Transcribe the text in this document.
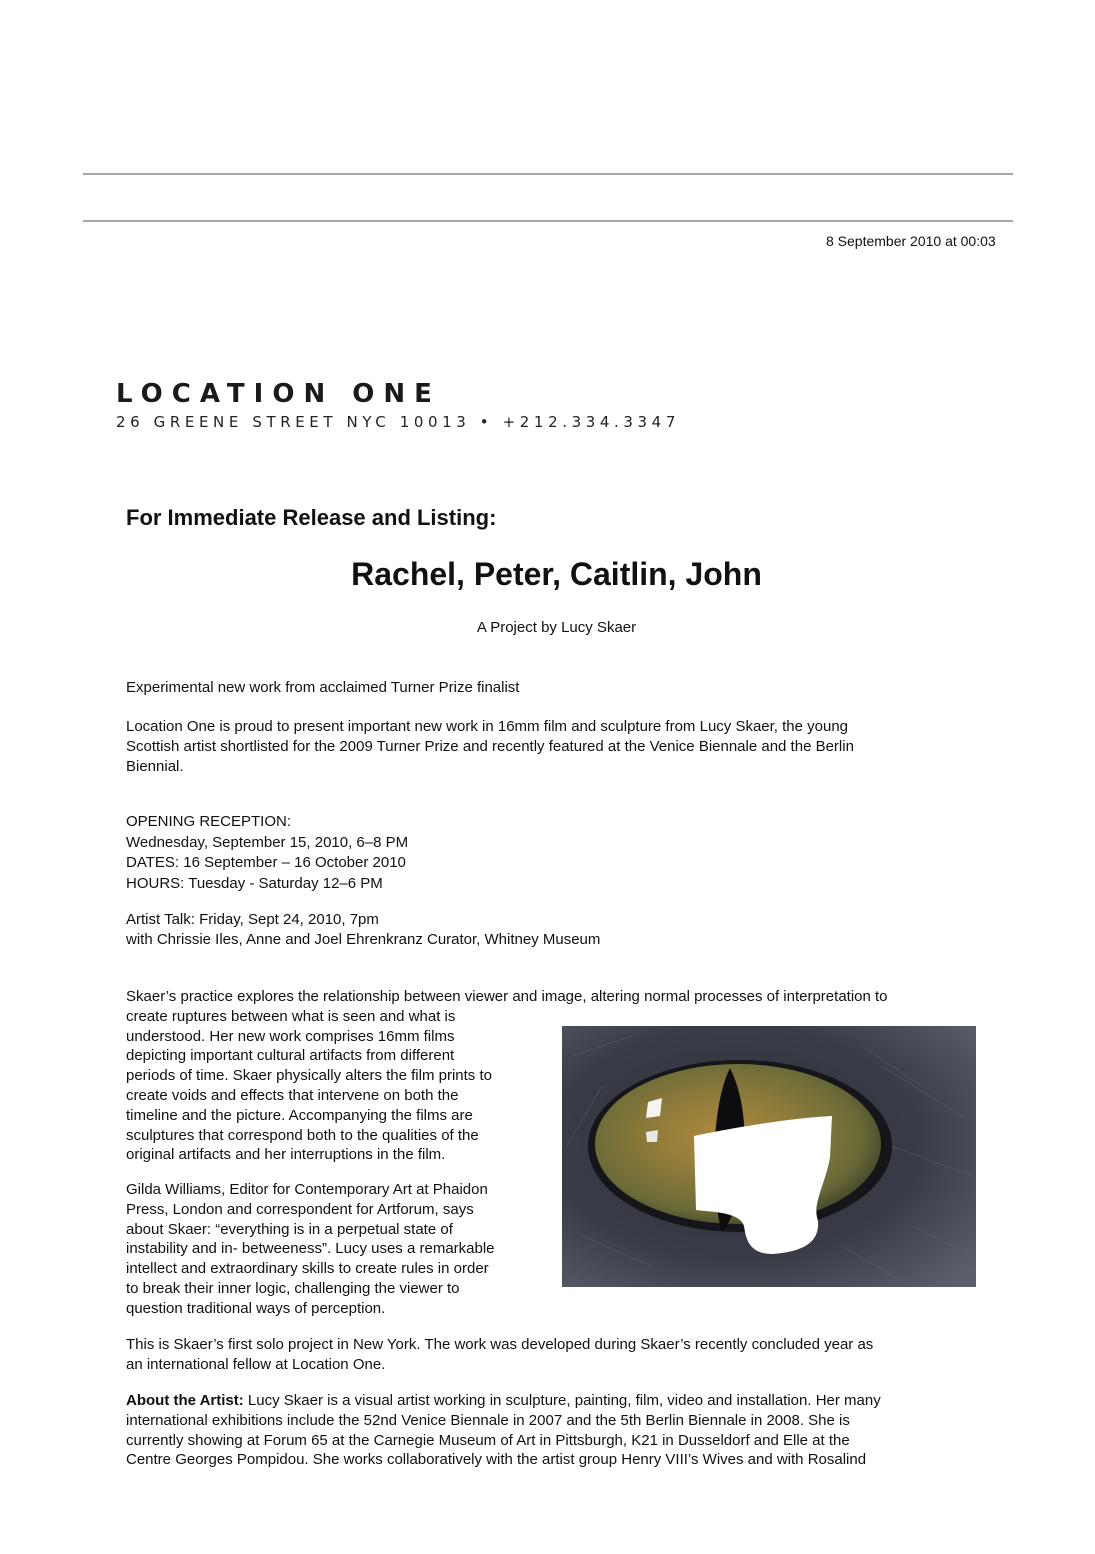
8 September 2010 at 00:03
LOCATION ONE
26 GREENE STREET NYC 10013 • +212.334.3347
For Immediate Release and Listing:
Rachel, Peter, Caitlin, John
A Project by Lucy Skaer

Experimental new work from acclaimed Turner Prize finalist

Location One is proud to present important new work in 16mm film and sculpture from Lucy Skaer, the young
Scottish artist shortlisted for the 2009 Turner Prize and recently featured at the Venice Biennale and the Berlin
Biennial.

OPENING RECEPTION:
Wednesday, September 15, 2010, 6–8 PM
DATES: 16 September – 16 October 2010
HOURS: Tuesday - Saturday 12–6 PM

Artist Talk: Friday, Sept 24, 2010, 7pm
with Chrissie Iles, Anne and Joel Ehrenkranz Curator, Whitney Museum

Skaer’s practice explores the relationship between viewer and image, altering normal processes of interpretation to
create ruptures between what is seen and what is
understood. Her new work comprises 16mm films
depicting important cultural artifacts from different
periods of time. Skaer physically alters the film prints to
create voids and effects that intervene on both the
timeline and the picture. Accompanying the films are
sculptures that correspond both to the qualities of the
original artifacts and her interruptions in the film.

Gilda Williams, Editor for Contemporary Art at Phaidon
Press, London and correspondent for Artforum, says
about Skaer: “everything is in a perpetual state of
instability and in- betweeness”. Lucy uses a remarkable
intellect and extraordinary skills to create rules in order
to break their inner logic, challenging the viewer to
question traditional ways of perception.

This is Skaer’s first solo project in New York. The work was developed during Skaer’s recently concluded year as
an international fellow at Location One.

About the Artist: Lucy Skaer is a visual artist working in sculpture, painting, film, video and installation. Her many
international exhibitions include the 52nd Venice Biennale in 2007 and the 5th Berlin Biennale in 2008. She is
currently showing at Forum 65 at the Carnegie Museum of Art in Pittsburgh, K21 in Dusseldorf and Elle at the
Centre Georges Pompidou. She works collaboratively with the artist group Henry VIII’s Wives and with Rosalind
